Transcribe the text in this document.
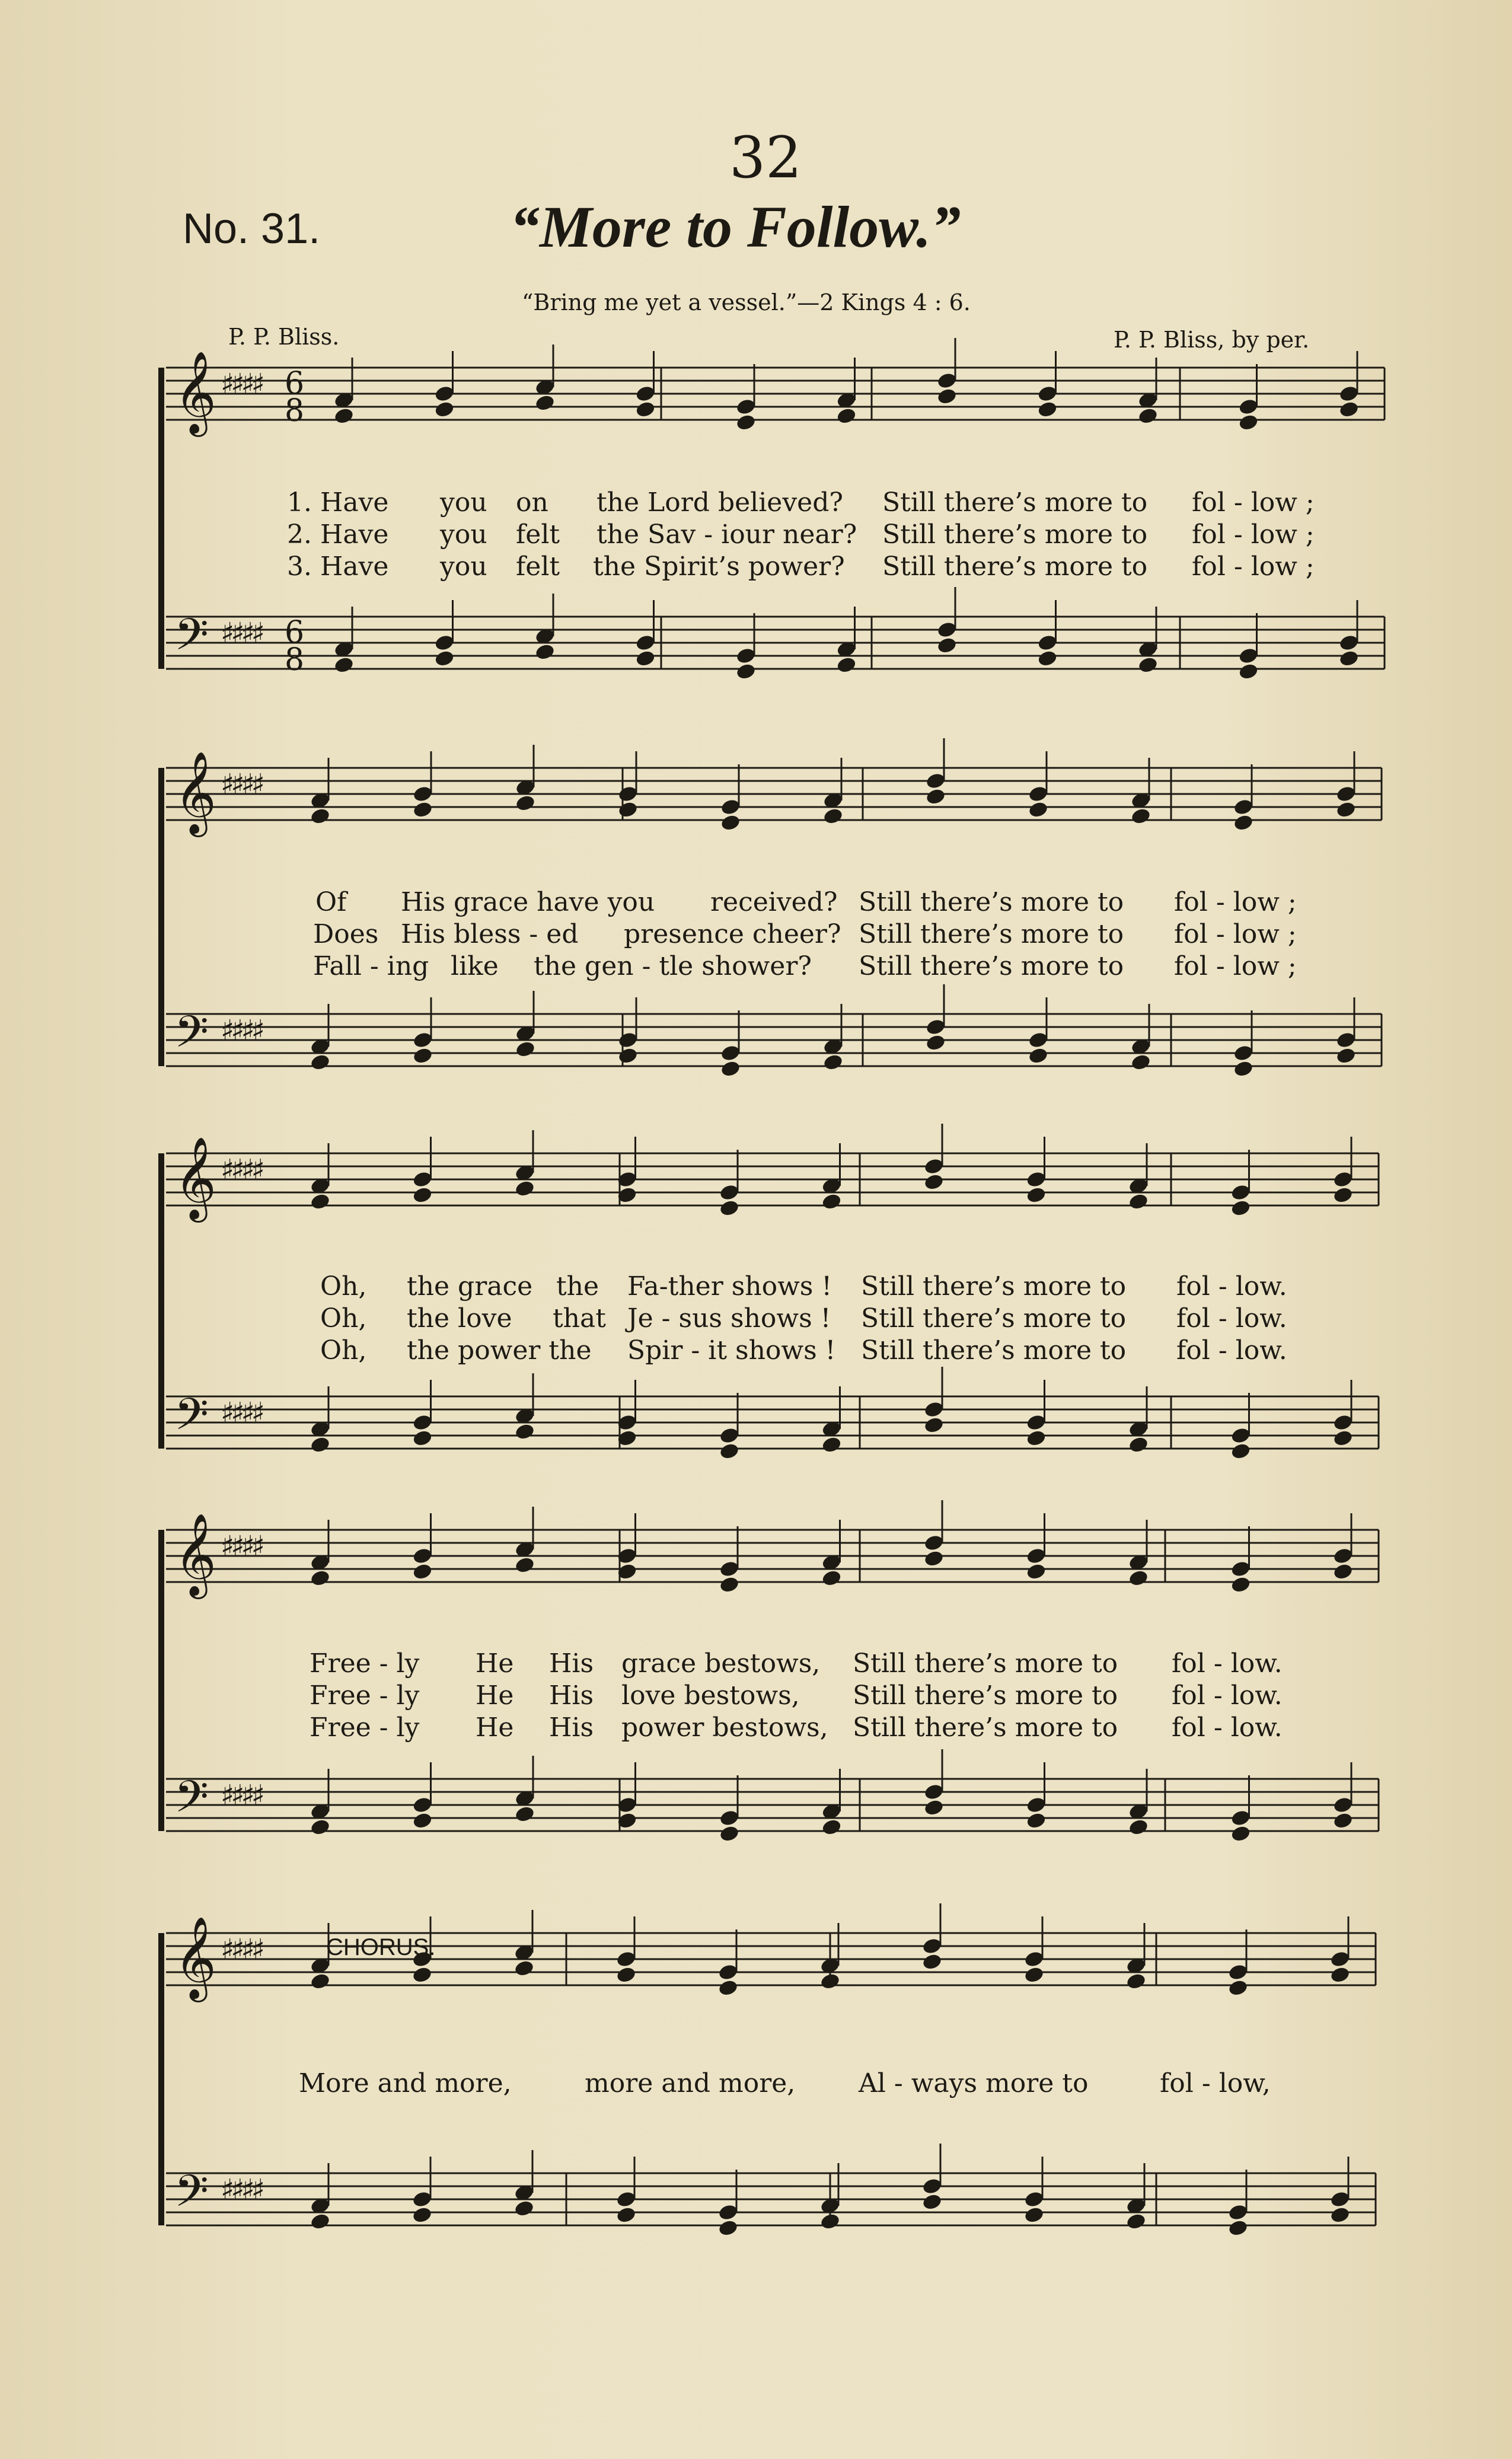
𝄞 ♯♯♯♯ 6
8
𝄢 ♯♯♯♯ 6
8
𝄞 ♯♯♯♯
𝄢 ♯♯♯♯
𝄞 ♯♯♯♯
𝄢 ♯♯♯♯
𝄞 ♯♯♯♯
𝄢 ♯♯♯♯
𝄞 ♯♯♯♯
𝄢 ♯♯♯♯
32
No. 31.	“More to Follow.”
“Bring me yet a vessel.”—2 Kings 4 : 6.
P. P. Bliss.	P. P. Bliss, by per.
1. Have you on the Lord believed? Still there’s more to fol - low ;
2. Have you felt the Sav - iour near? Still there’s more to fol - low ;
3. Have you felt the Spirit’s power? Still there’s more to fol - low ;
Of His grace have you received? Still there’s more to fol - low ;
Does His bless - ed presence cheer? Still there’s more to fol - low ;
Fall - ing like the gen - tle shower? Still there’s more to fol - low ;
Oh, the grace the Fa-ther shows ! Still there’s more to fol - low.
Oh, the love that Je - sus shows ! Still there’s more to fol - low.
Oh, the power the Spir - it shows ! Still there’s more to fol - low.
Free - ly He His grace bestows, Still there’s more to fol - low.
Free - ly He His love bestows, Still there’s more to fol - low.
Free - ly He His power bestows, Still there’s more to fol - low.
CHORUS.
More and more,	more and more, Al - ways more to	fol - low,
